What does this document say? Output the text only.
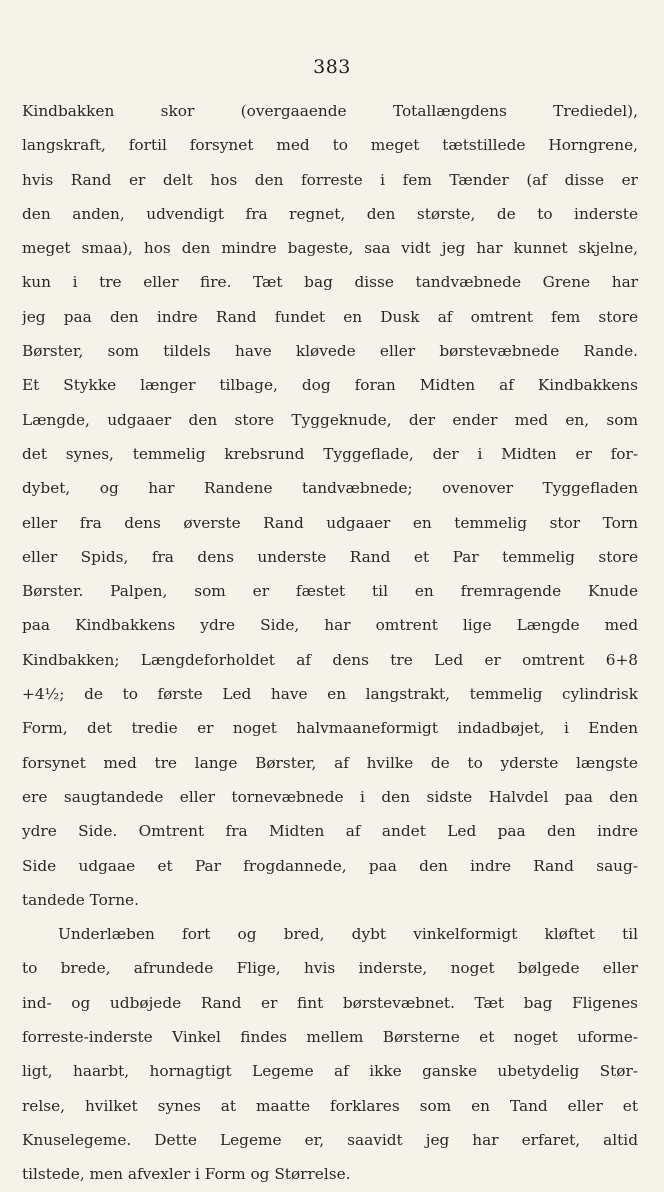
383
Kindbakken skor (overgaaende Totallængdens Trediedel),
langskraft, fortil forsynet med to meget tætstillede Horngrene,
hvis Rand er delt hos den forreste i fem Tænder (af disse er
den anden, udvendigt fra regnet, den største, de to inderste
meget smaa), hos den mindre bageste, saa vidt jeg har kunnet skjelne,
kun i tre eller fire. Tæt bag disse tandvæbnede Grene har
jeg paa den indre Rand fundet en Dusk af omtrent fem store
Børster, som tildels have kløvede eller børstevæbnede Rande.
Et Stykke længer tilbage, dog foran Midten af Kindbakkens
Længde, udgaaer den store Tyggeknude, der ender med en, som
det synes, temmelig krebsrund Tyggeflade, der i Midten er for-
dybet, og har Randene tandvæbnede; ovenover Tyggefladen
eller fra dens øverste Rand udgaaer en temmelig stor Torn
eller Spids, fra dens underste Rand et Par temmelig store
Børster. Palpen, som er fæstet til en fremragende Knude
paa Kindbakkens ydre Side, har omtrent lige Længde med
Kindbakken; Længdeforholdet af dens tre Led er omtrent 6+8
+4½; de to første Led have en langstrakt, temmelig cylindrisk
Form, det tredie er noget halvmaaneformigt indadbøjet, i Enden
forsynet med tre lange Børster, af hvilke de to yderste længste
ere saugtandede eller tornevæbnede i den sidste Halvdel paa den
ydre Side. Omtrent fra Midten af andet Led paa den indre
Side udgaae et Par frogdannede, paa den indre Rand saug-
tandede Torne.
Underlæben fort og bred, dybt vinkelformigt kløftet til
to brede, afrundede Flige, hvis inderste, noget bølgede eller
ind- og udbøjede Rand er fint børstevæbnet. Tæt bag Fligenes
forreste-inderste Vinkel findes mellem Børsterne et noget uforme-
ligt, haarbt, hornagtigt Legeme af ikke ganske ubetydelig Stør-
relse, hvilket synes at maatte forklares som en Tand eller et
Knuselegeme. Dette Legeme er, saavidt jeg har erfaret, altid
tilstede, men afvexler i Form og Størrelse.
